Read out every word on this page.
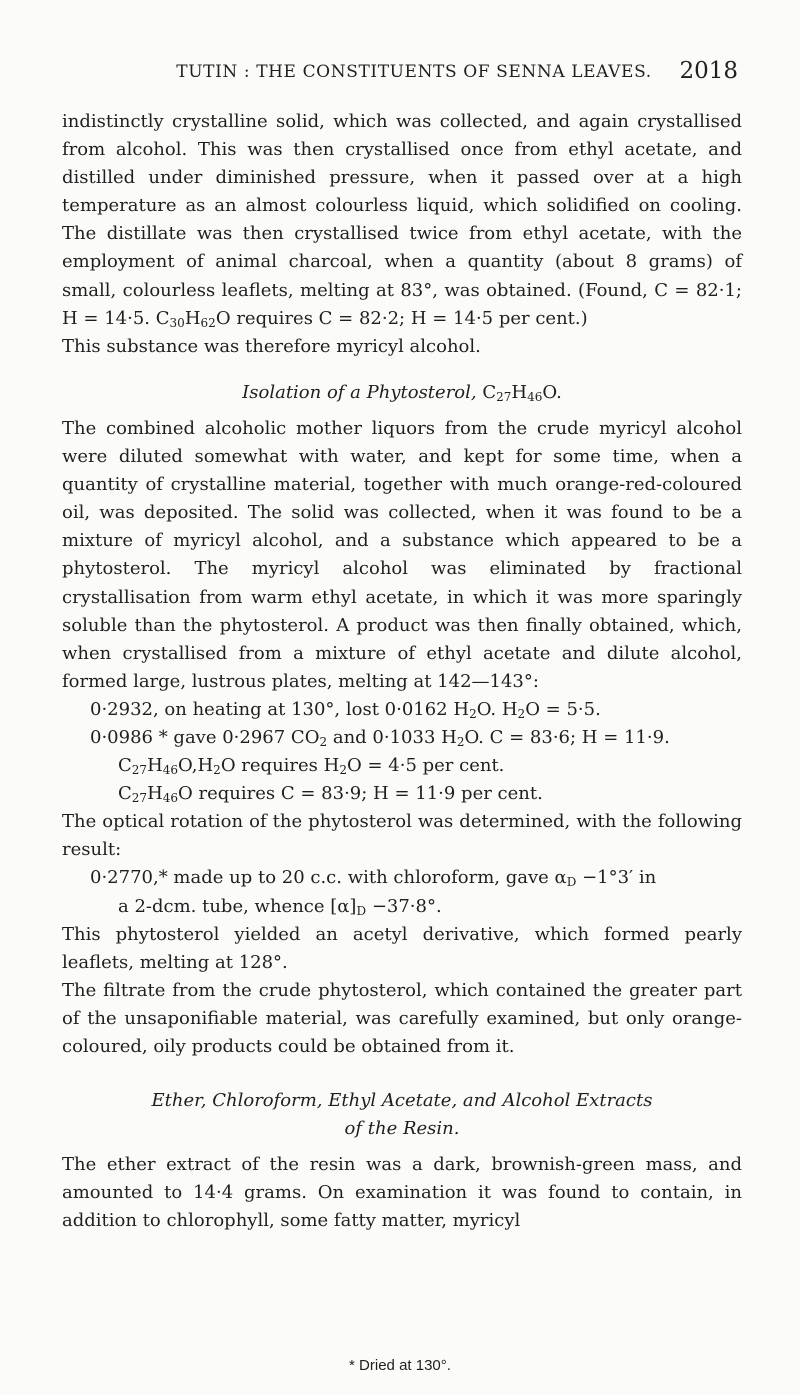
TUTIN : THE CONSTITUENTS OF SENNA LEAVES. 2018

indistinctly crystalline solid, which was collected, and again crystallised from alcohol. This was then crystallised once from ethyl acetate, and distilled under diminished pressure, when it passed over at a high temperature as an almost colourless liquid, which solidified on cooling. The distillate was then crystallised twice from ethyl acetate, with the employment of animal charcoal, when a quantity (about 8 grams) of small, colourless leaflets, melting at 83°, was obtained. (Found, C = 82·1; H = 14·5. $C_{30}H_{62}O$ requires C = 82·2; H = 14·5 per cent.)

This substance was therefore myricyl alcohol.

Isolation of a Phytosterol, $C_{27}H_{46}O$.

The combined alcoholic mother liquors from the crude myricyl alcohol were diluted somewhat with water, and kept for some time, when a quantity of crystalline material, together with much orange-red-coloured oil, was deposited. The solid was collected, when it was found to be a mixture of myricyl alcohol, and a substance which appeared to be a phytosterol. The myricyl alcohol was eliminated by fractional crystallisation from warm ethyl acetate, in which it was more sparingly soluble than the phytosterol. A product was then finally obtained, which, when crystallised from a mixture of ethyl acetate and dilute alcohol, formed large, lustrous plates, melting at 142—143°:

0·2932, on heating at 130°, lost 0·0162 $H_2O$. $H_2O = 5\cdot 5$.

0·0986 * gave 0·2967 $CO_2$ and 0·1033 $H_2O$. C = 83·6; H = 11·9.

$C_{27}H_{46}O,H_2O$ requires $H_2O = 4\cdot 5$ per cent.

$C_{27}H_{46}O$ requires C = 83·9; H = 11·9 per cent.

The optical rotation of the phytosterol was determined, with the following result:

0·2770,* made up to 20 c.c. with chloroform, gave $\alpha_D -1^\circ 3'$ in

a 2-dcm. tube, whence $[\alpha]_D -37\cdot 8^\circ$.

This phytosterol yielded an acetyl derivative, which formed pearly leaflets, melting at 128°.

The filtrate from the crude phytosterol, which contained the greater part of the unsaponifiable material, was carefully examined, but only orange-coloured, oily products could be obtained from it.

Ether, Chloroform, Ethyl Acetate, and Alcohol Extracts
of the Resin.

The ether extract of the resin was a dark, brownish-green mass, and amounted to 14·4 grams. On examination it was found to contain, in addition to chlorophyll, some fatty matter, myricyl

* Dried at 130°.
